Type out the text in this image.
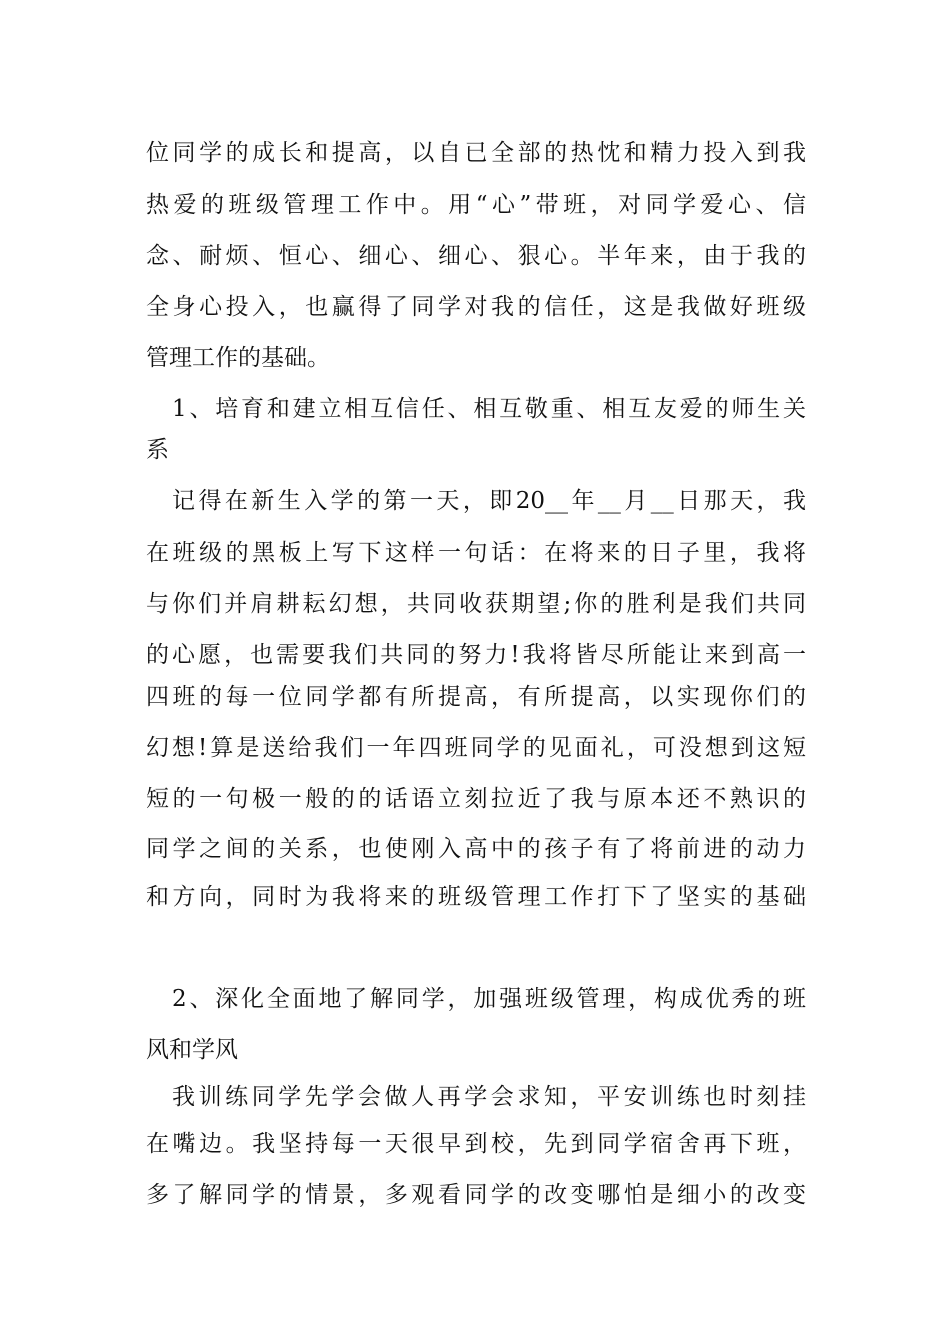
位同学的成长和提高，以自已全部的热忱和精力投入到我
热爱的班级管理工作中。用“心”带班，对同学爱心、信
念、耐烦、恒心、细心、细心、狠心。半年来，由于我的
全身心投入，也赢得了同学对我的信任，这是我做好班级
管理工作的基础。
1、培育和建立相互信任、相互敬重、相互友爱的师生关
系
记得在新生入学的第一天，即20__年__月__日那天，我
在班级的黑板上写下这样一句话：在将来的日子里，我将
与你们并肩耕耘幻想，共同收获期望;你的胜利是我们共同
的心愿，也需要我们共同的努力!我将皆尽所能让来到高一
四班的每一位同学都有所提高，有所提高，以实现你们的
幻想!算是送给我们一年四班同学的见面礼，可没想到这短
短的一句极一般的的话语立刻拉近了我与原本还不熟识的
同学之间的关系，也使刚入高中的孩子有了将前进的动力
和方向，同时为我将来的班级管理工作打下了坚实的基础
2、深化全面地了解同学，加强班级管理，构成优秀的班
风和学风
我训练同学先学会做人再学会求知，平安训练也时刻挂
在嘴边。我坚持每一天很早到校，先到同学宿舍再下班，
多了解同学的情景，多观看同学的改变哪怕是细小的改变
